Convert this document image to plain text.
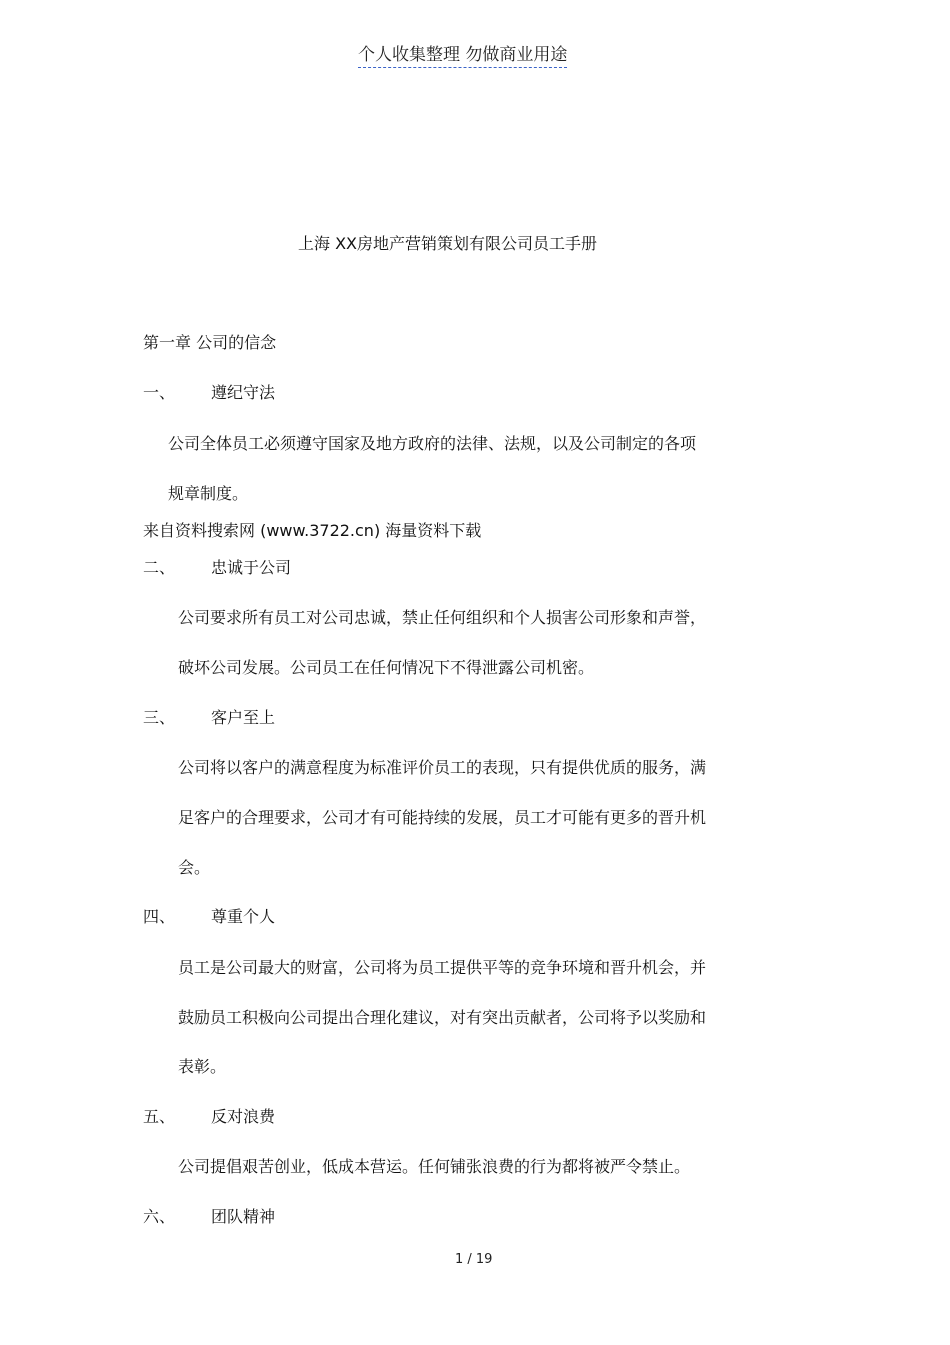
个人收集整理 勿做商业用途
上海 XX房地产营销策划有限公司员工手册
第一章 公司的信念
一、 遵纪守法
公司全体员工必须遵守国家及地方政府的法律、法规，以及公司制定的各项
规章制度。
来自资料搜索网 (www.3722.cn) 海量资料下载
二、 忠诚于公司
公司要求所有员工对公司忠诚，禁止任何组织和个人损害公司形象和声誉，
破坏公司发展。公司员工在任何情况下不得泄露公司机密。
三、 客户至上
公司将以客户的满意程度为标准评价员工的表现，只有提供优质的服务，满
足客户的合理要求，公司才有可能持续的发展，员工才可能有更多的晋升机
会。
四、 尊重个人
员工是公司最大的财富，公司将为员工提供平等的竞争环境和晋升机会，并
鼓励员工积极向公司提出合理化建议，对有突出贡献者，公司将予以奖励和
表彰。
五、 反对浪费
公司提倡艰苦创业，低成本营运。任何铺张浪费的行为都将被严令禁止。
六、 团队精神
1 / 19
